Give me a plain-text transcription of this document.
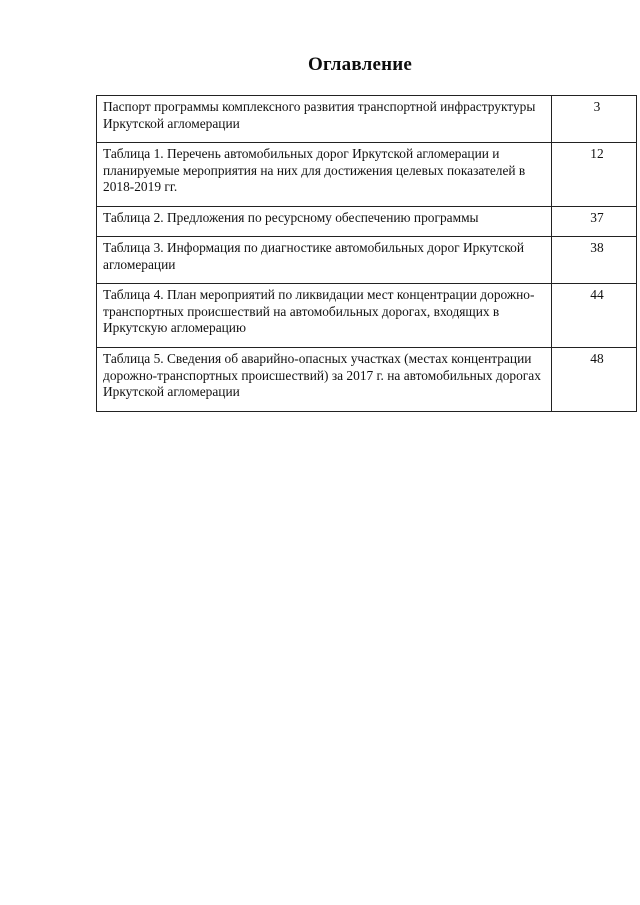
Оглавление
Паспорт программы комплексного развития транспортной инфраструктуры Иркутской агломерации	3
Таблица 1. Перечень автомобильных дорог Иркутской агломерации и планируемые мероприятия на них для достижения целевых показателей в 2018-2019 гг.	12
Таблица 2. Предложения по ресурсному обеспечению программы	37
Таблица 3. Информация по диагностике автомобильных дорог Иркутской агломерации	38
Таблица 4. План мероприятий по ликвидации мест концентрации дорожно-транспортных происшествий на автомобильных дорогах, входящих в Иркутскую агломерацию	44
Таблица 5. Сведения об аварийно-опасных участках (местах концентрации дорожно-транспортных происшествий) за 2017 г. на автомобильных дорогах Иркутской агломерации	48
